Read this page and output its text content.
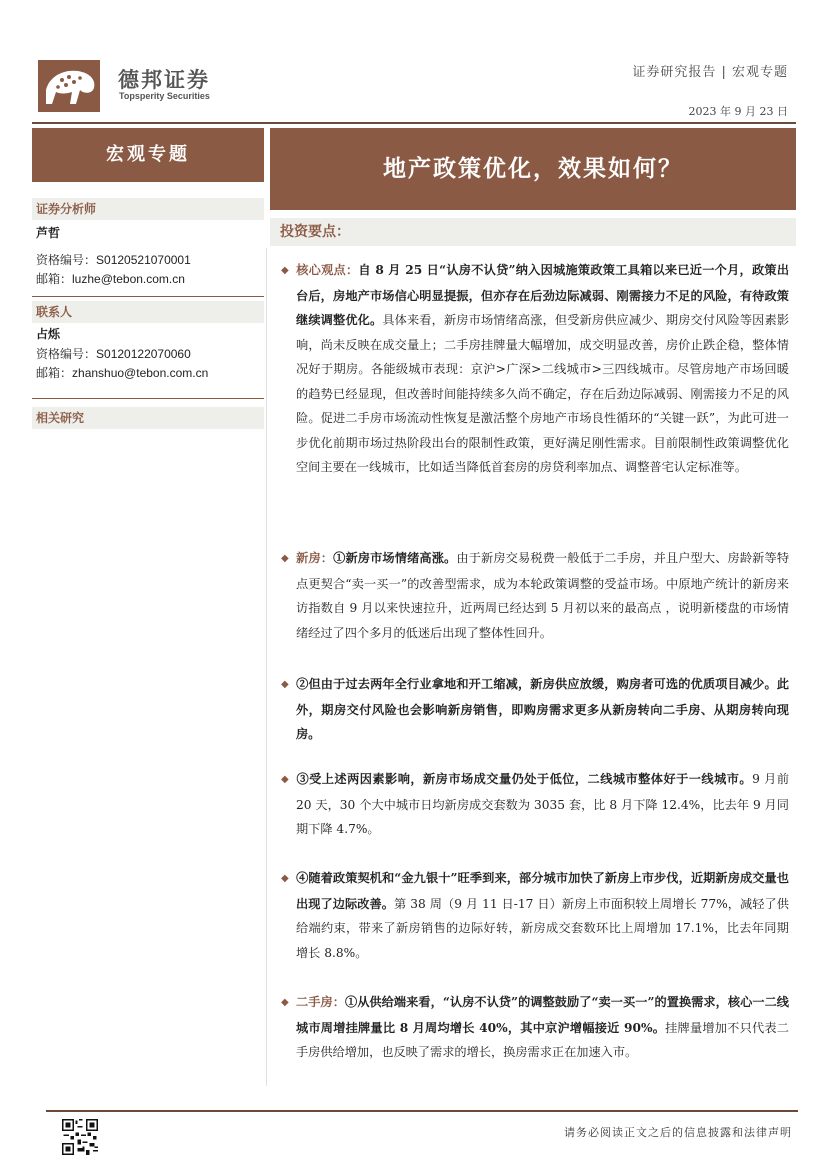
德邦证券
Topsperity Securities
证券研究报告 | 宏观专题
2023 年 9 月 23 日
宏观专题
地产政策优化，效果如何？
证券分析师
芦哲
资格编号：S0120521070001
邮箱：luzhe@tebon.com.cn
联系人
占烁
资格编号：S0120122070060
邮箱：zhanshuo@tebon.com.cn
相关研究
投资要点：
◆ 核心观点：自 8 月 25 日“认房不认贷”纳入因城施策政策工具箱以来已近一个月，政策出台后，房地产市场信心明显提振，但亦存在后劲边际减弱、刚需接力不足的风险，有待政策继续调整优化。具体来看，新房市场情绪高涨，但受新房供应减少、期房交付风险等因素影响，尚未反映在成交量上；二手房挂牌量大幅增加，成交明显改善，房价止跌企稳，整体情况好于期房。各能级城市表现：京沪>广深>二线城市>三四线城市。尽管房地产市场回暖的趋势已经显现，但改善时间能持续多久尚不确定，存在后劲边际减弱、刚需接力不足的风险。促进二手房市场流动性恢复是激活整个房地产市场良性循环的“关键一跃”，为此可进一步优化前期市场过热阶段出台的限制性政策，更好满足刚性需求。目前限制性政策调整优化空间主要在一线城市，比如适当降低首套房的房贷利率加点、调整普宅认定标准等。
◆ 新房：①新房市场情绪高涨。由于新房交易税费一般低于二手房，并且户型大、房龄新等特点更契合“卖一买一”的改善型需求，成为本轮政策调整的受益市场。中原地产统计的新房来访指数自 9 月以来快速拉升，近两周已经达到 5 月初以来的最高点 ，说明新楼盘的市场情绪经过了四个多月的低迷后出现了整体性回升。
◆ ②但由于过去两年全行业拿地和开工缩减，新房供应放缓，购房者可选的优质项目减少。此外，期房交付风险也会影响新房销售，即购房需求更多从新房转向二手房、从期房转向现房。
◆ ③受上述两因素影响，新房市场成交量仍处于低位，二线城市整体好于一线城市。9 月前 20 天，30 个大中城市日均新房成交套数为 3035 套，比 8 月下降 12.4%，比去年 9 月同期下降 4.7%。
◆ ④随着政策契机和“金九银十”旺季到来，部分城市加快了新房上市步伐，近期新房成交量也出现了边际改善。第 38 周（9 月 11 日-17 日）新房上市面积较上周增长 77%，减轻了供给端约束，带来了新房销售的边际好转，新房成交套数环比上周增加 17.1%，比去年同期增长 8.8%。
◆ 二手房：①从供给端来看，“认房不认贷”的调整鼓励了“卖一买一”的置换需求，核心一二线城市周增挂牌量比 8 月周均增长 40%，其中京沪增幅接近 90%。挂牌量增加不只代表二手房供给增加，也反映了需求的增长，换房需求正在加速入市。
请务必阅读正文之后的信息披露和法律声明
